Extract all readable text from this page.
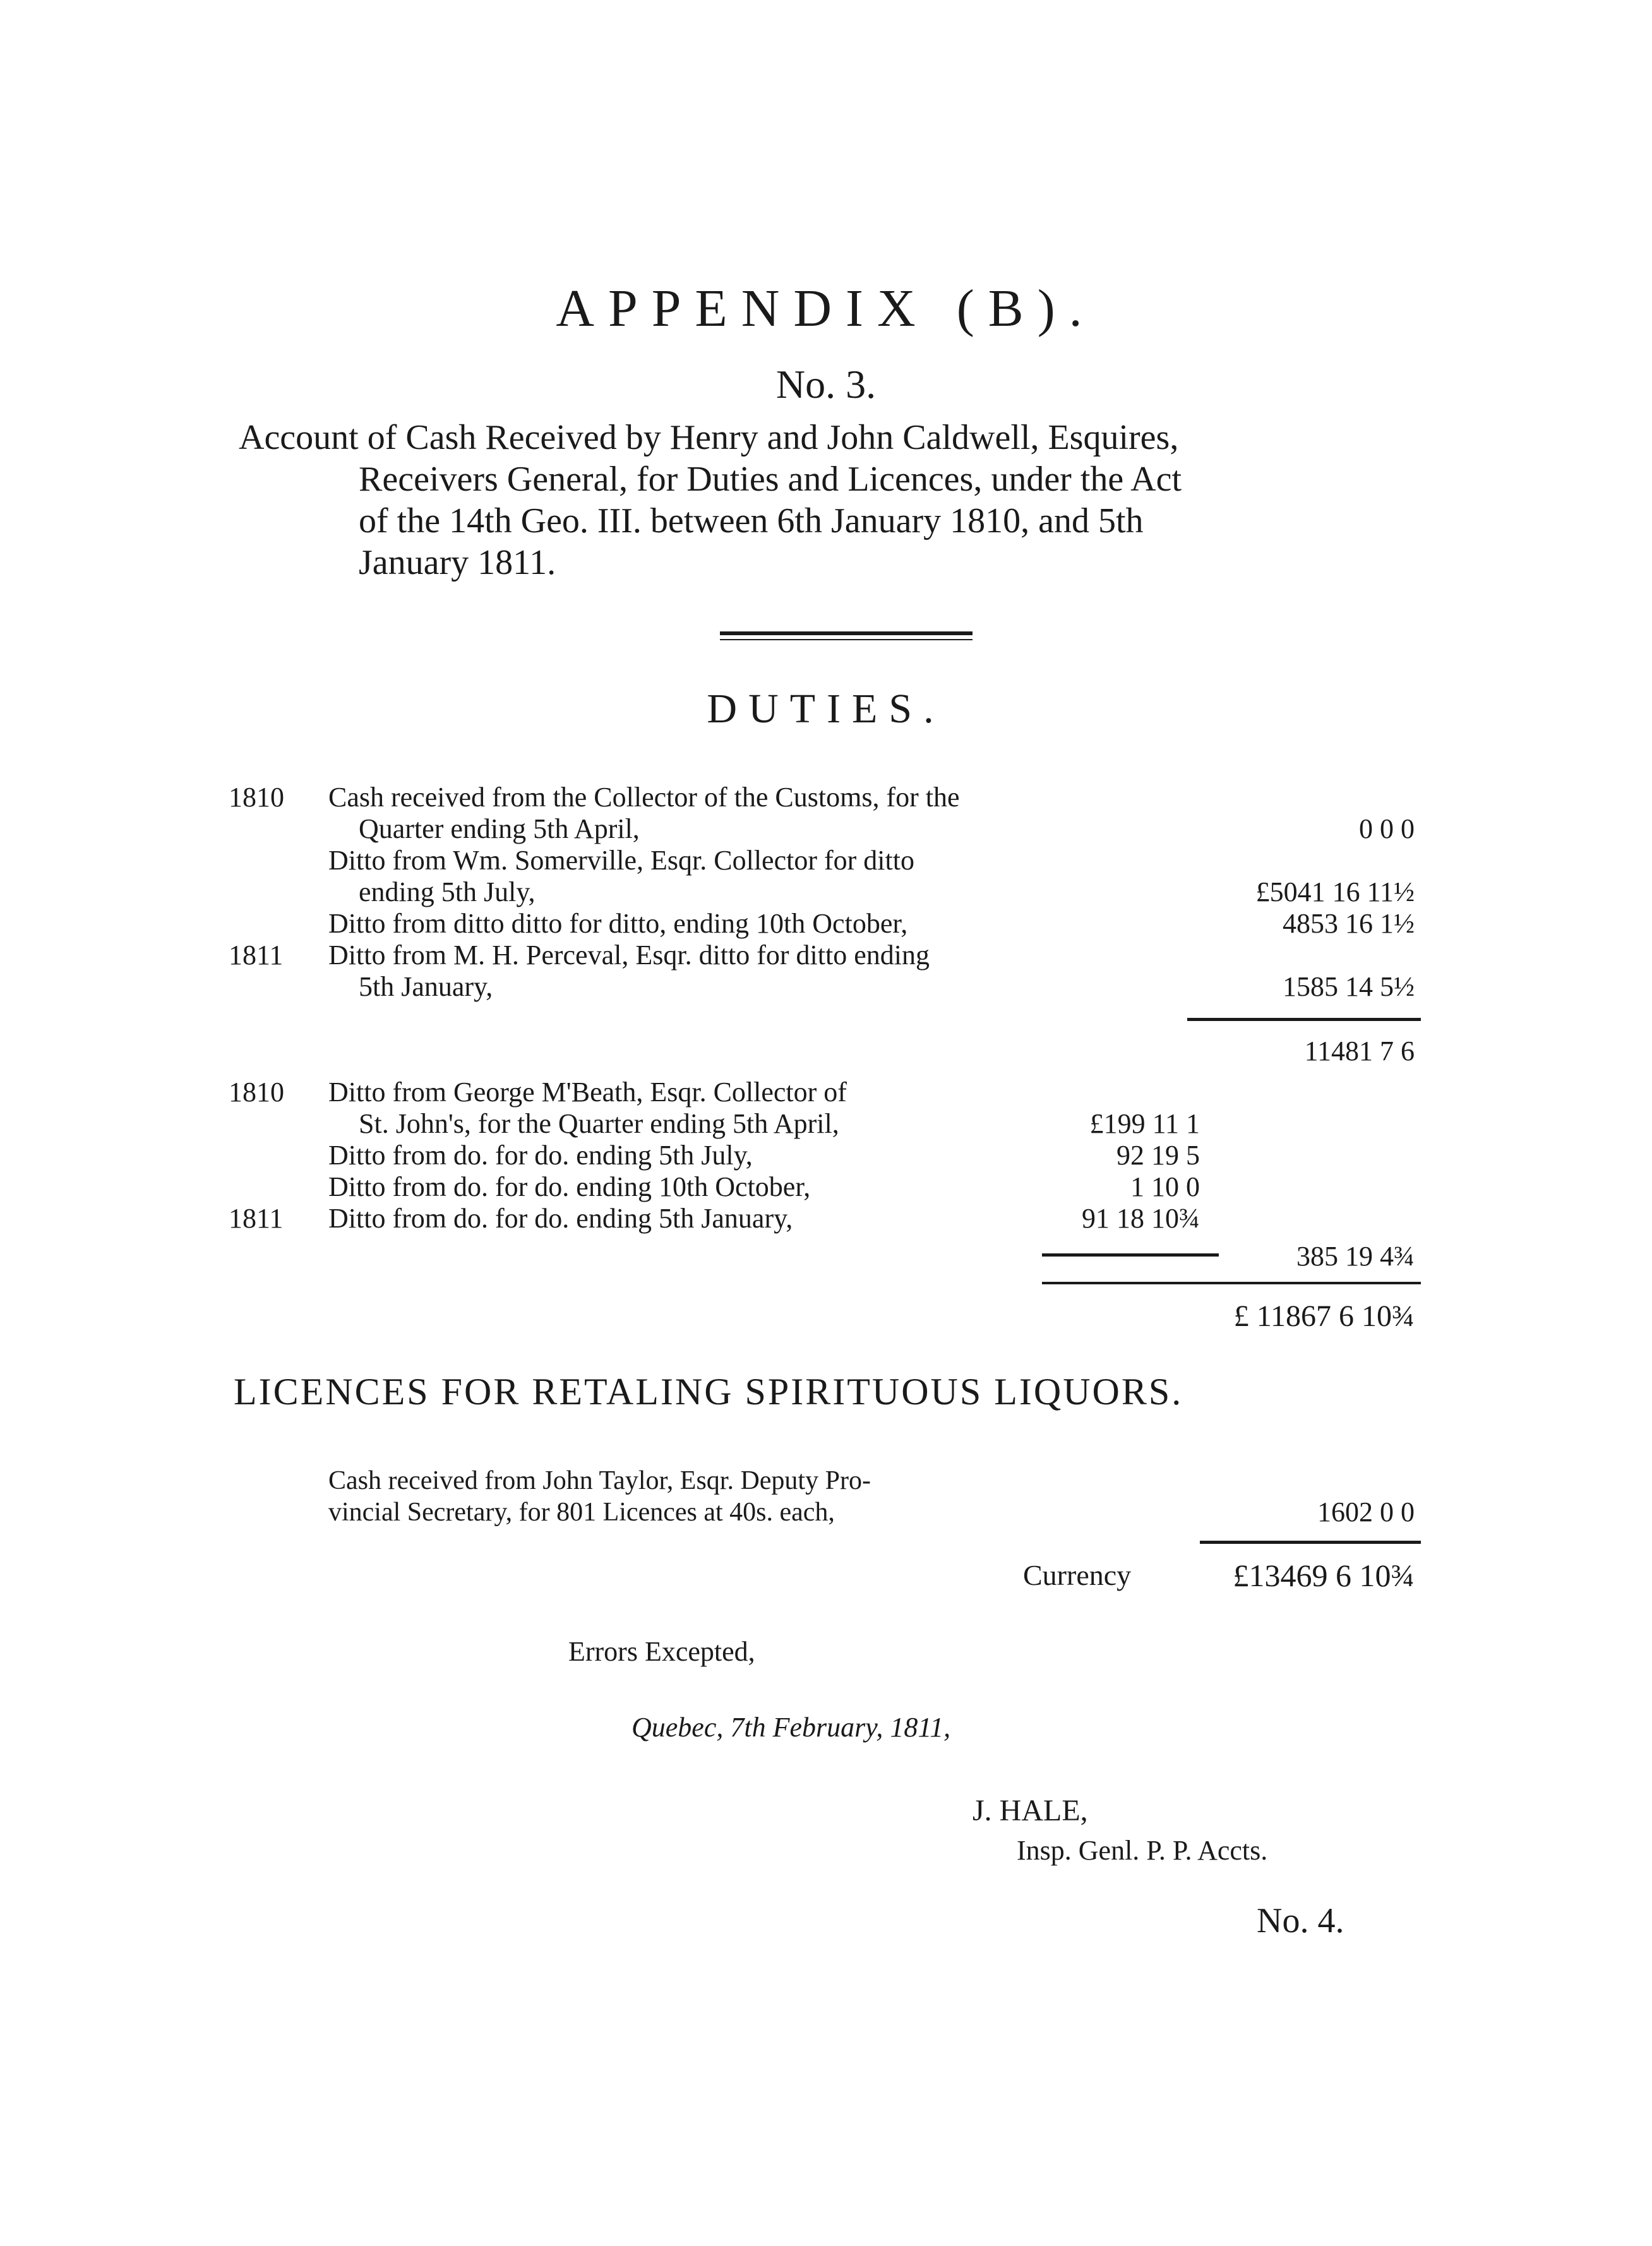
APPENDIX (B).
No. 3.

Account of Cash Received by Henry and John Caldwell, Esquires,

Receivers General, for Duties and Licences, under the Act

of the 14th Geo. III. between 6th January 1810, and 5th

January 1811.

DUTIES.
1810 Cash received from the Collector of the Customs, for the
Quarter ending 5th April,	0 0 0
Ditto from Wm. Somerville, Esqr. Collector for ditto
ending 5th July,	£5041 16 11½
Ditto from ditto ditto for ditto, ending 10th October,	4853 16 1½
1811 Ditto from M. H. Perceval, Esqr. ditto for ditto ending
5th January,	1585 14 5½
11481 7 6
1810 Ditto from George M'Beath, Esqr. Collector of
St. John's, for the Quarter ending 5th April,	£199 11 1
Ditto from do. for do. ending 5th July,	92 19 5
Ditto from do. for do. ending 10th October,	1 10 0
1811 Ditto from do. for do. ending 5th January,	91 18 10¾
385 19 4¾
£ 11867 6 10¾
LICENCES FOR RETALING SPIRITUOUS LIQUORS.
Cash received from John Taylor, Esqr. Deputy Pro-
vincial Secretary, for 801 Licences at 40s. each,	1602 0 0
Currency	£13469 6 10¾
Errors Excepted,
Quebec, 7th February, 1811,
J. HALE,
Insp. Genl. P. P. Accts.
No. 4.
